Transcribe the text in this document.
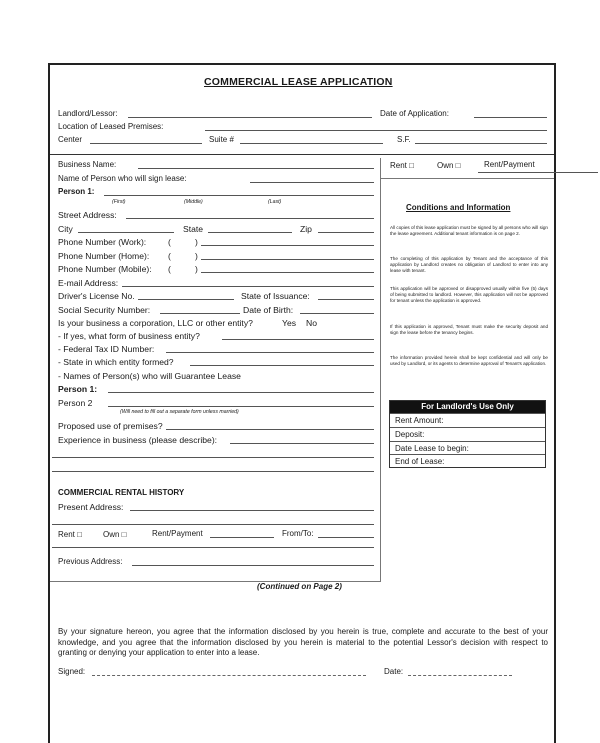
COMMERCIAL LEASE APPLICATION
Landlord/Lessor:	Date of Application:
Location of Leased Premises:
Center	Suite #	S.F.
Business Name:
Name of Person who will sign lease:
Person 1:
(First)	(Middle)	(Last)
Street Address:
City	State	Zip
Phone Number (Work):	(	)
Phone Number (Home): (	)
Phone Number (Mobile): (	)
E-mail Address:
Driver's License No.	State of Issuance:
Social Security Number:	Date of Birth:
Is your business a corporation, LLC or other entity?	Yes No
- If yes, what form of business entity?
- Federal Tax ID Number:
- State in which entity formed?
- Names of Person(s) who will Guarantee Lease
Person 1:
Person 2
(Will need to fill out a separate form unless married)
Proposed use of premises?
Experience in business (please describe):
COMMERCIAL RENTAL HISTORY
Present Address:
Rent □	Own □	Rent/Payment	From/To:
Previous Address:
(Continued on Page 2)
Rent □	Own □	Rent/Payment
Conditions and Information
All copies of this lease application must be signed by all persons who will sign the lease agreement. Additional tenant information is on page 2.
The completing of this application by Tenant and the acceptance of this application by Landlord creates no obligation of Landlord to enter into any lease with tenant.
This application will be approved or disapproved usually within five (5) days of being submitted to landlord. However, this application will not be approved for tenant unless the application is approved.
If this application is approved, Tenant must make the security deposit and sign the lease before the tenancy begins.
The information provided herein shall be kept confidential and will only be used by Landlord, or its agents to determine approval of Tenant's application.
For Landlord's Use Only
Rent Amount:
Deposit:
Date Lease to begin:
End of Lease:
By your signature hereon, you agree that the information disclosed by you herein is true, complete and accurate to the best of your knowledge, and you agree that the information disclosed by you herein is material to the potential Lessor's decision with respect to granting or denying your application to enter into a lease.
Signed:	Date:
